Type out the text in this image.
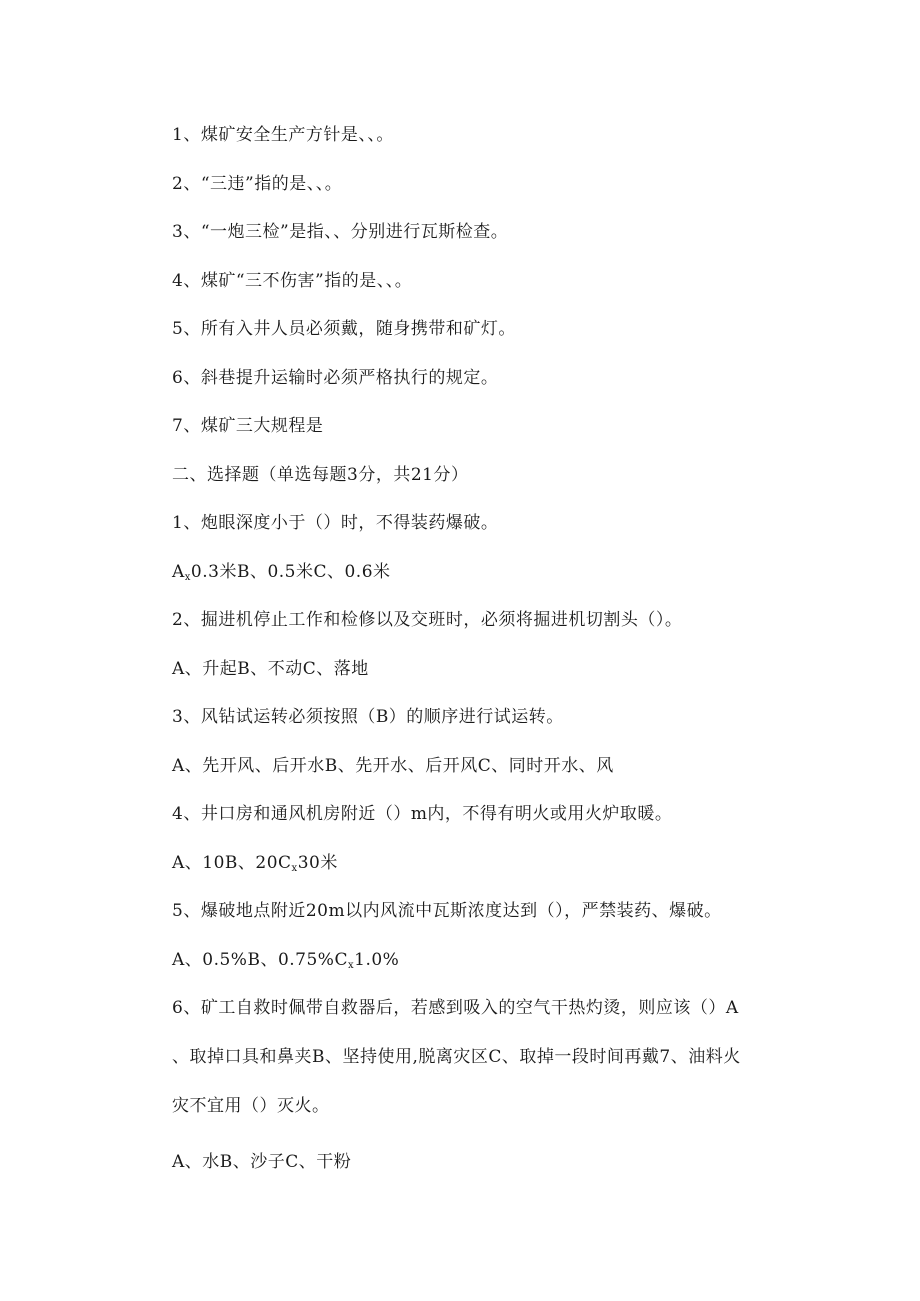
1、煤矿安全生产方针是、、。
2、“三违”指的是、、。
3、“一炮三检”是指、、分别进行瓦斯检查。
4、煤矿“三不伤害”指的是、、。
5、所有入井人员必须戴，随身携带和矿灯。
6、斜巷提升运输时必须严格执行的规定。
7、煤矿三大规程是
二、选择题（单选每题3分，共21分）
1、炮眼深度小于（）时，不得装药爆破。
$A_x0.3$米B、0.5米C、0.6米
2、掘进机停止工作和检修以及交班时，必须将掘进机切割头（）。
A、升起B、不动C、落地
3、风钻试运转必须按照（B）的顺序进行试运转。
A、先开风、后开水B、先开水、后开风C、同时开水、风
4、井口房和通风机房附近（）m内，不得有明火或用火炉取暖。
A、10B、$20C_x30$米
5、爆破地点附近20m以内风流中瓦斯浓度达到（），严禁装药、爆破。
A、0.5%B、$0.75\%C_x1.0\%$
6、矿工自救时佩带自救器后，若感到吸入的空气干热灼烫，则应该（）A
、取掉口具和鼻夹B、坚持使用,脱离灾区C、取掉一段时间再戴7、油料火
灾不宜用（）灭火。
A、水B、沙子C、干粉
